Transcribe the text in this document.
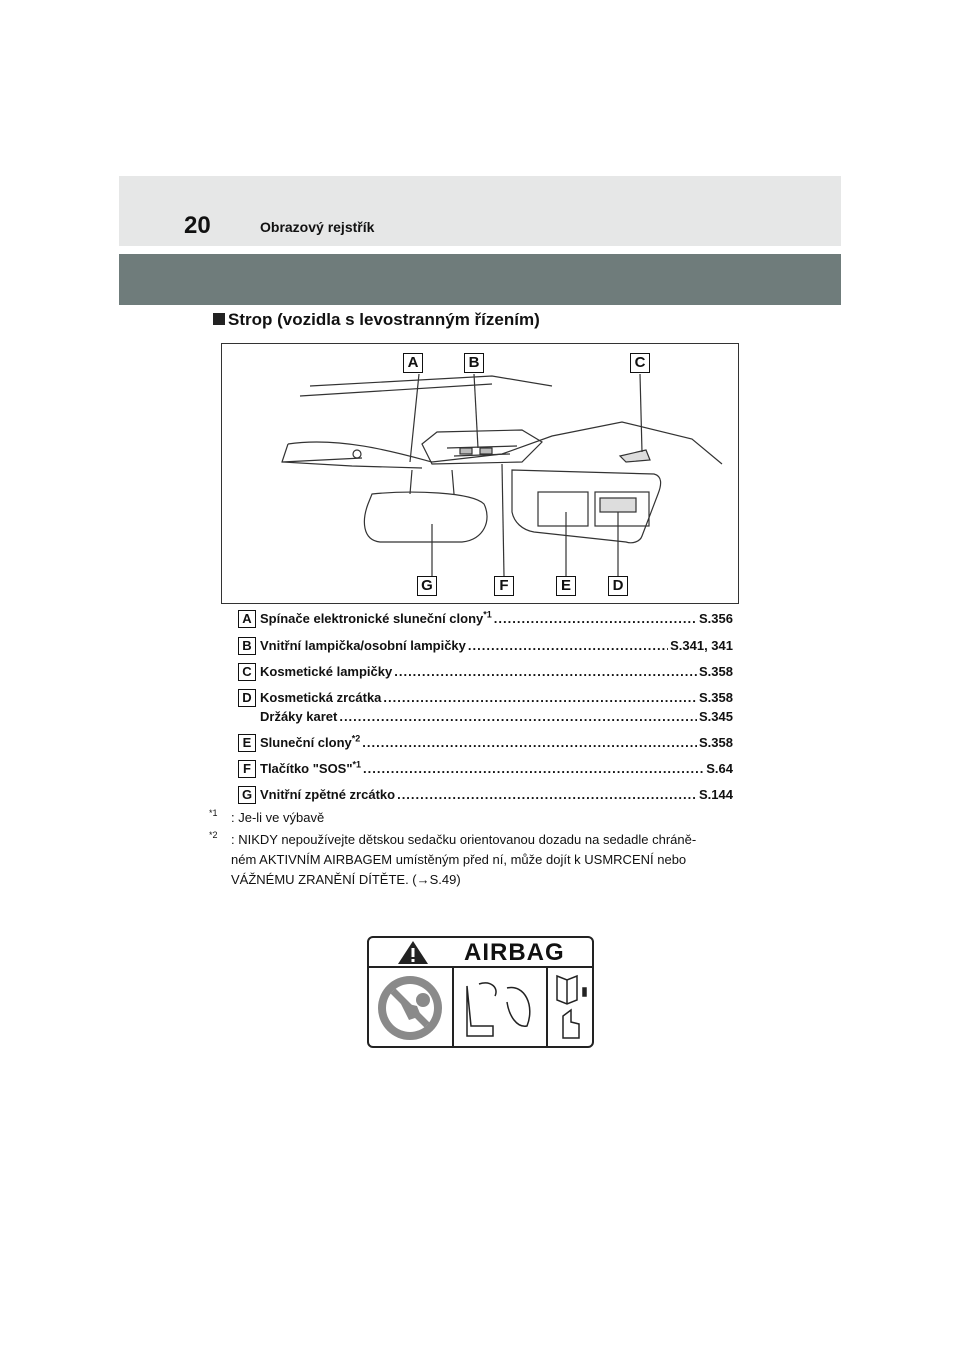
20	Obrazový rejstřík
Strop (vozidla s levostranným řízením)
A	B	C
G	F	E	D
A Spínače elektronické sluneční clony$^{*1}$ .....	S.356
B Vnitřní lampička/osobní lampičky .....	S.341, 341
C Kosmetické lampičky .....	S.358
D Kosmetická zrcátka .....	S.358
Držáky karet .....	S.345
E Sluneční clony$^{*2}$ .....	S.358
F Tlačítko "SOS"$^{*1}$ .....	S.64
G Vnitřní zpětné zrcátko .....	S.144
*1	: Je-li ve výbavě
*2	: NIKDY nepoužívejte dětskou sedačku orientovanou dozadu na sedadle chráně-
ném AKTIVNÍM AIRBAGEM umístěným před ní, může dojít k USMRCENÍ nebo
VÁŽNÉMU ZRANĚNÍ DÍTĚTE. (→S.49)
AIRBAG
